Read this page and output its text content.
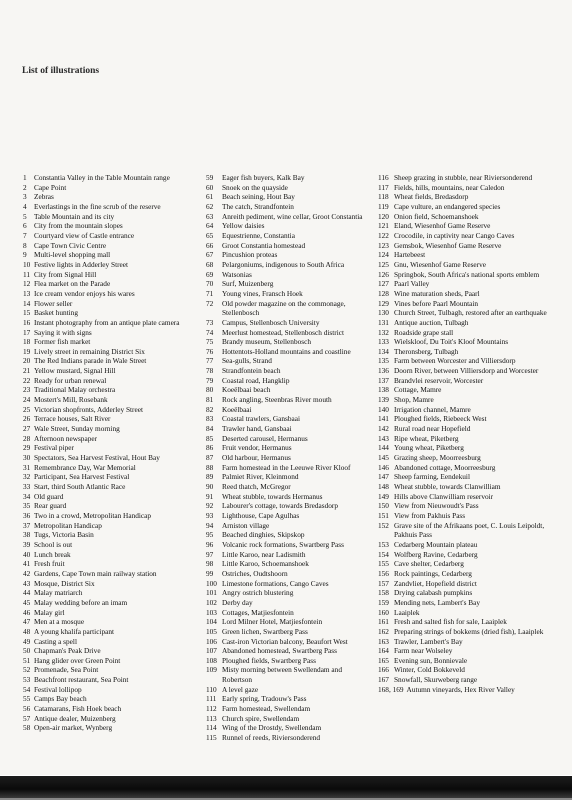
List of illustrations
1	Constantia Valley in the Table Mountain range
2	Cape Point
3	Zebras
4	Everlastings in the fine scrub of the reserve
5	Table Mountain and its city
6	City from the mountain slopes
7	Courtyard view of Castle entrance
8	Cape Town Civic Centre
9	Multi-level shopping mall
10 Festive lights in Adderley Street
11 City from Signal Hill
12 Flea market on the Parade
13 Ice cream vendor enjoys his wares
14 Flower seller
15 Basket hunting
16 Instant photography from an antique plate camera
17 Saying it with signs
18 Former fish market
19 Lively street in remaining District Six
20 The Red Indians parade in Wale Street
21 Yellow mustard, Signal Hill
22 Ready for urban renewal
23 Traditional Malay orchestra
24 Mostert's Mill, Rosebank
25 Victorian shopfronts, Adderley Street
26 Terrace houses, Salt River
27 Wale Street, Sunday morning
28 Afternoon newspaper
29 Festival piper
30 Spectators, Sea Harvest Festival, Hout Bay
31 Remembrance Day, War Memorial
32 Participant, Sea Harvest Festival
33 Start, third South Atlantic Race
34 Old guard
35 Rear guard
36 Two in a crowd, Metropolitan Handicap
37 Metropolitan Handicap
38 Tugs, Victoria Basin
39 School is out
40 Lunch break
41 Fresh fruit
42 Gardens, Cape Town main railway station
43 Mosque, District Six
44 Malay matriarch
45 Malay wedding before an imam
46 Malay girl
47 Men at a mosque
48 A young khalifa participant
49 Casting a spell
50 Chapman's Peak Drive
51 Hang glider over Green Point
52 Promenade, Sea Point
53 Beachfront restaurant, Sea Point
54 Festival lollipop
55 Camps Bay beach
56 Catamarans, Fish Hoek beach
57 Antique dealer, Muizenberg
58 Open-air market, Wynberg
59	Eager fish buyers, Kalk Bay
60	Snoek on the quayside
61	Beach seining, Hout Bay
62	The catch, Strandfontein
63	Anreith pediment, wine cellar, Groot Constantia
64	Yellow daisies
65	Equestrienne, Constantia
66	Groot Constantia homestead
67	Pincushion proteas
68	Pelargoniums, indigenous to South Africa
69	Watsonias
70	Surf, Muizenberg
71	Young vines, Fransch Hoek
72	Old powder magazine on the commonage, Stellenbosch
73	Campus, Stellenbosch University
74	Meerlust homestead, Stellenbosch district
75	Brandy museum, Stellenbosch
76	Hottentots-Holland mountains and coastline
77	Sea-gulls, Strand
78	Strandfontein beach
79	Coastal road, Hangklip
80	Koeëlbaai beach
81	Rock angling, Steenbras River mouth
82	Koeëlbaai
83	Coastal trawlers, Gansbaai
84	Trawler hand, Gansbaai
85	Deserted carousel, Hermanus
86	Fruit vendor, Hermanus
87	Old harbour, Hermanus
88	Farm homestead in the Leeuwe River Kloof
89	Palmiet River, Kleinmond
90	Reed thatch, McGregor
91	Wheat stubble, towards Hermanus
92	Labourer's cottage, towards Bredasdorp
93	Lighthouse, Cape Agulhas
94	Arniston village
95	Beached dinghies, Skipskop
96	Volcanic rock formations, Swartberg Pass
97	Little Karoo, near Ladismith
98	Little Karoo, Schoemanshoek
99	Ostriches, Oudtshoorn
100 Limestone formations, Cango Caves
101 Angry ostrich blustering
102 Derby day
103 Cottages, Matjiesfontein
104 Lord Milner Hotel, Matjiesfontein
105 Green lichen, Swartberg Pass
106 Cast-iron Victorian balcony, Beaufort West
107 Abandoned homestead, Swartberg Pass
108 Ploughed fields, Swartberg Pass
109 Misty morning between Swellendam and Robertson
110 A level gaze
111 Early spring, Tradouw's Pass
112 Farm homestead, Swellendam
113 Church spire, Swellendam
114 Wing of the Drostdy, Swellendam
115 Runnel of reeds, Riviersonderend
116 Sheep grazing in stubble, near Riviersonderend
117 Fields, hills, mountains, near Caledon
118 Wheat fields, Bredasdorp
119 Cape vulture, an endangered species
120 Onion field, Schoemanshoek
121 Eland, Wiesenhof Game Reserve
122 Crocodile, in captivity near Cango Caves
123 Gemsbok, Wiesenhof Game Reserve
124 Hartebeest
125 Gnu, Wiesenhof Game Reserve
126 Springbok, South Africa's national sports emblem
127 Paarl Valley
128 Wine maturation sheds, Paarl
129 Vines before Paarl Mountain
130 Church Street, Tulbagh, restored after an earthquake
131 Antique auction, Tulbagh
132 Roadside grape stall
133 Wielskloof, Du Toit's Kloof Mountains
134 Theronsberg, Tulbagh
135 Farm between Worcester and Villiersdorp
136 Doorn River, between Villiersdorp and Worcester
137 Brandvlei reservoir, Worcester
138 Cottage, Mamre
139 Shop, Mamre
140 Irrigation channel, Mamre
141 Ploughed fields, Riebeeck West
142 Rural road near Hopefield
143 Ripe wheat, Piketberg
144 Young wheat, Piketberg
145 Grazing sheep, Moorreesburg
146 Abandoned cottage, Moorreesburg
147 Sheep farming, Eendekuil
148 Wheat stubble, towards Clanwilliam
149 Hills above Clanwilliam reservoir
150 View from Nieuwoudt's Pass
151 View from Pakhuis Pass
152 Grave site of the Afrikaans poet, C. Louis Leipoldt, Pakhuis Pass
153 Cedarberg Mountain plateau
154 Wolfberg Ravine, Cedarberg
155 Cave shelter, Cedarberg
156 Rock paintings, Cedarberg
157 Zandvliet, Hopefield district
158 Drying calabash pumpkins
159 Mending nets, Lambert's Bay
160 Laaiplek
161 Fresh and salted fish for sale, Laaiplek
162 Preparing strings of bokkems (dried fish), Laaiplek
163 Trawler, Lambert's Bay
164 Farm near Wolseley
165 Evening sun, Bonnievale
166 Winter, Cold Bokkeveld
167 Snowfall, Skurweberg range
168, 169 Autumn vineyards, Hex River Valley
